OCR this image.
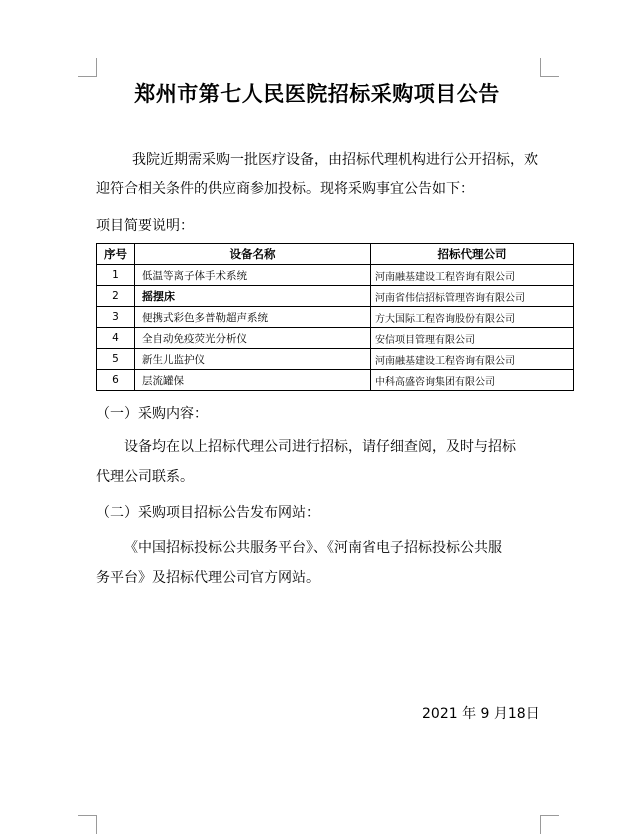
郑州市第七人民医院招标采购项目公告

我院近期需采购一批医疗设备，由招标代理机构进行公开招标，欢迎符合相关条件的供应商参加投标。现将采购事宜公告如下：

项目简要说明：
序号	设备名称	招标代理公司
1	低温等离子体手术系统	河南融基建设工程咨询有限公司
2	摇摆床	河南省伟信招标管理咨询有限公司
3	便携式彩色多普勒超声系统	方大国际工程咨询股份有限公司
4	全自动免疫荧光分析仪	安信项目管理有限公司
5	新生儿监护仪	河南融基建设工程咨询有限公司
6	层流罐保	中科高盛咨询集团有限公司
（一）采购内容：
设备均在以上招标代理公司进行招标，请仔细查阅，及时与招标
代理公司联系。
（二）采购项目招标公告发布网站：
《中国招标投标公共服务平台》、《河南省电子招标投标公共服
务平台》及招标代理公司官方网站。
2021 年 9 月18日
